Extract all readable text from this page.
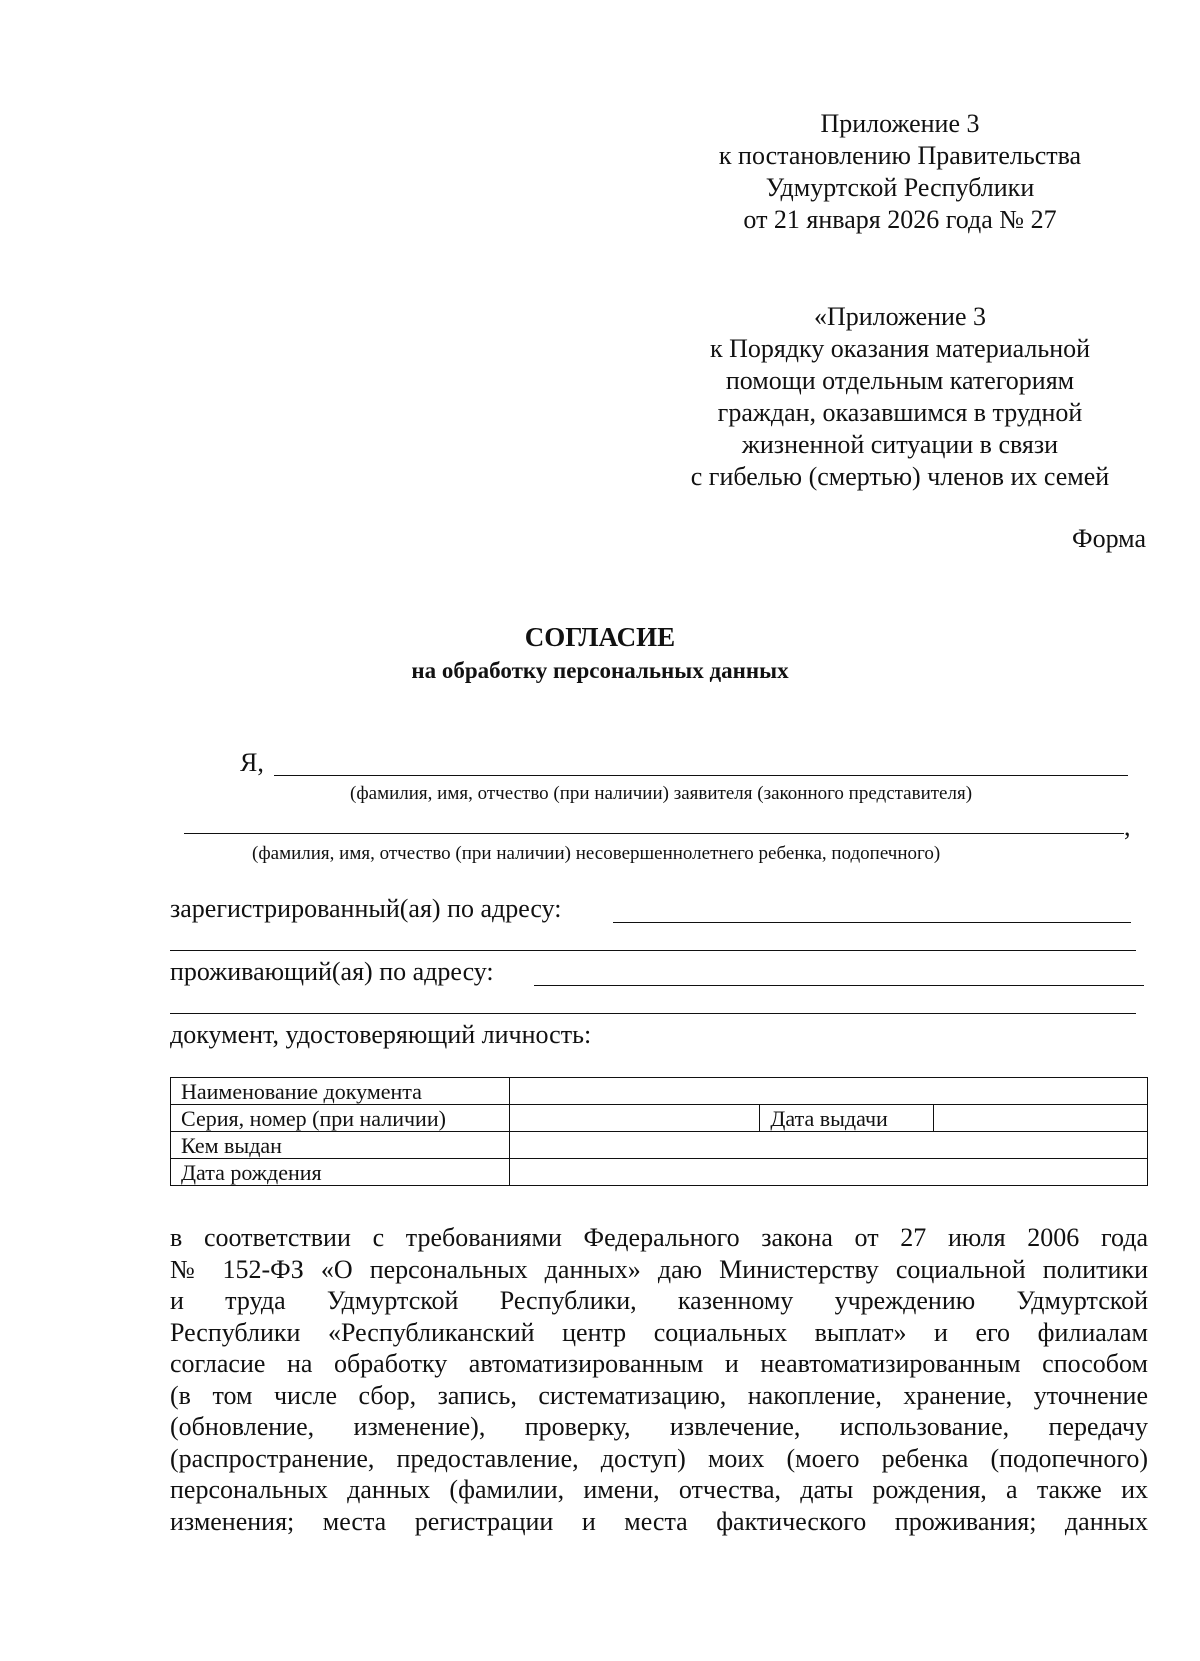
Приложение 3
к постановлению Правительства
Удмуртской Республики
от 21 января 2026 года № 27
«Приложение 3
к Порядку оказания материальной
помощи отдельным категориям
граждан, оказавшимся в трудной
жизненной ситуации в связи
с гибелью (смертью) членов их семей
Форма
СОГЛАСИЕ
на обработку персональных данных
Я,
(фамилия, имя, отчество (при наличии) заявителя (законного представителя)
,
(фамилия, имя, отчество (при наличии) несовершеннолетнего ребенка, подопечного)
зарегистрированный(ая) по адресу:
проживающий(ая) по адресу:
документ, удостоверяющий личность:
Наименование документа			
Серия, номер (при наличии)		Дата выдачи	
Кем выдан			
Дата рождения			

в соответствии с требованиями Федерального закона от 27 июля 2006 года

№ 152-ФЗ «О персональных данных» даю Министерству социальной политики

и труда Удмуртской Республики, казенному учреждению Удмуртской

Республики «Республиканский центр социальных выплат» и его филиалам

согласие на обработку автоматизированным и неавтоматизированным способом

(в том числе сбор, запись, систематизацию, накопление, хранение, уточнение

(обновление, изменение), проверку, извлечение, использование, передачу

(распространение, предоставление, доступ) моих (моего ребенка (подопечного)

персональных данных (фамилии, имени, отчества, даты рождения, а также их

изменения; места регистрации и места фактического проживания; данных
